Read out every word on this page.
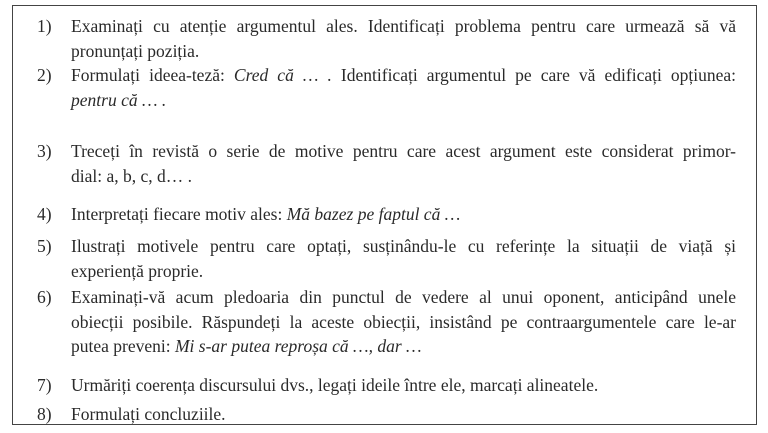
1)	Examinați cu atenție argumentul ales. Identificați problema pentru care urmează să vă
pronunțați poziția.
2)	Formulați ideea-teză: Cred că … . Identificați argumentul pe care vă edificați opțiunea:
pentru că … .
3)	Treceți în revistă o serie de motive pentru care acest argument este considerat primor-
dial: a, b, c, d… .
4)	Interpretați fiecare motiv ales: Mă bazez pe faptul că …
5)	Ilustrați motivele pentru care optați, susținându-le cu referințe la situații de viață și
experiență proprie.
6)	Examinați-vă acum pledoaria din punctul de vedere al unui oponent, anticipând unele
obiecții posibile. Răspundeți la aceste obiecții, insistând pe contraargumentele care le-ar
putea preveni: Mi s-ar putea reproșa că …, dar …
7)	Urmăriți coerența discursului dvs., legați ideile între ele, marcați alineatele.
8)	Formulați concluziile.
